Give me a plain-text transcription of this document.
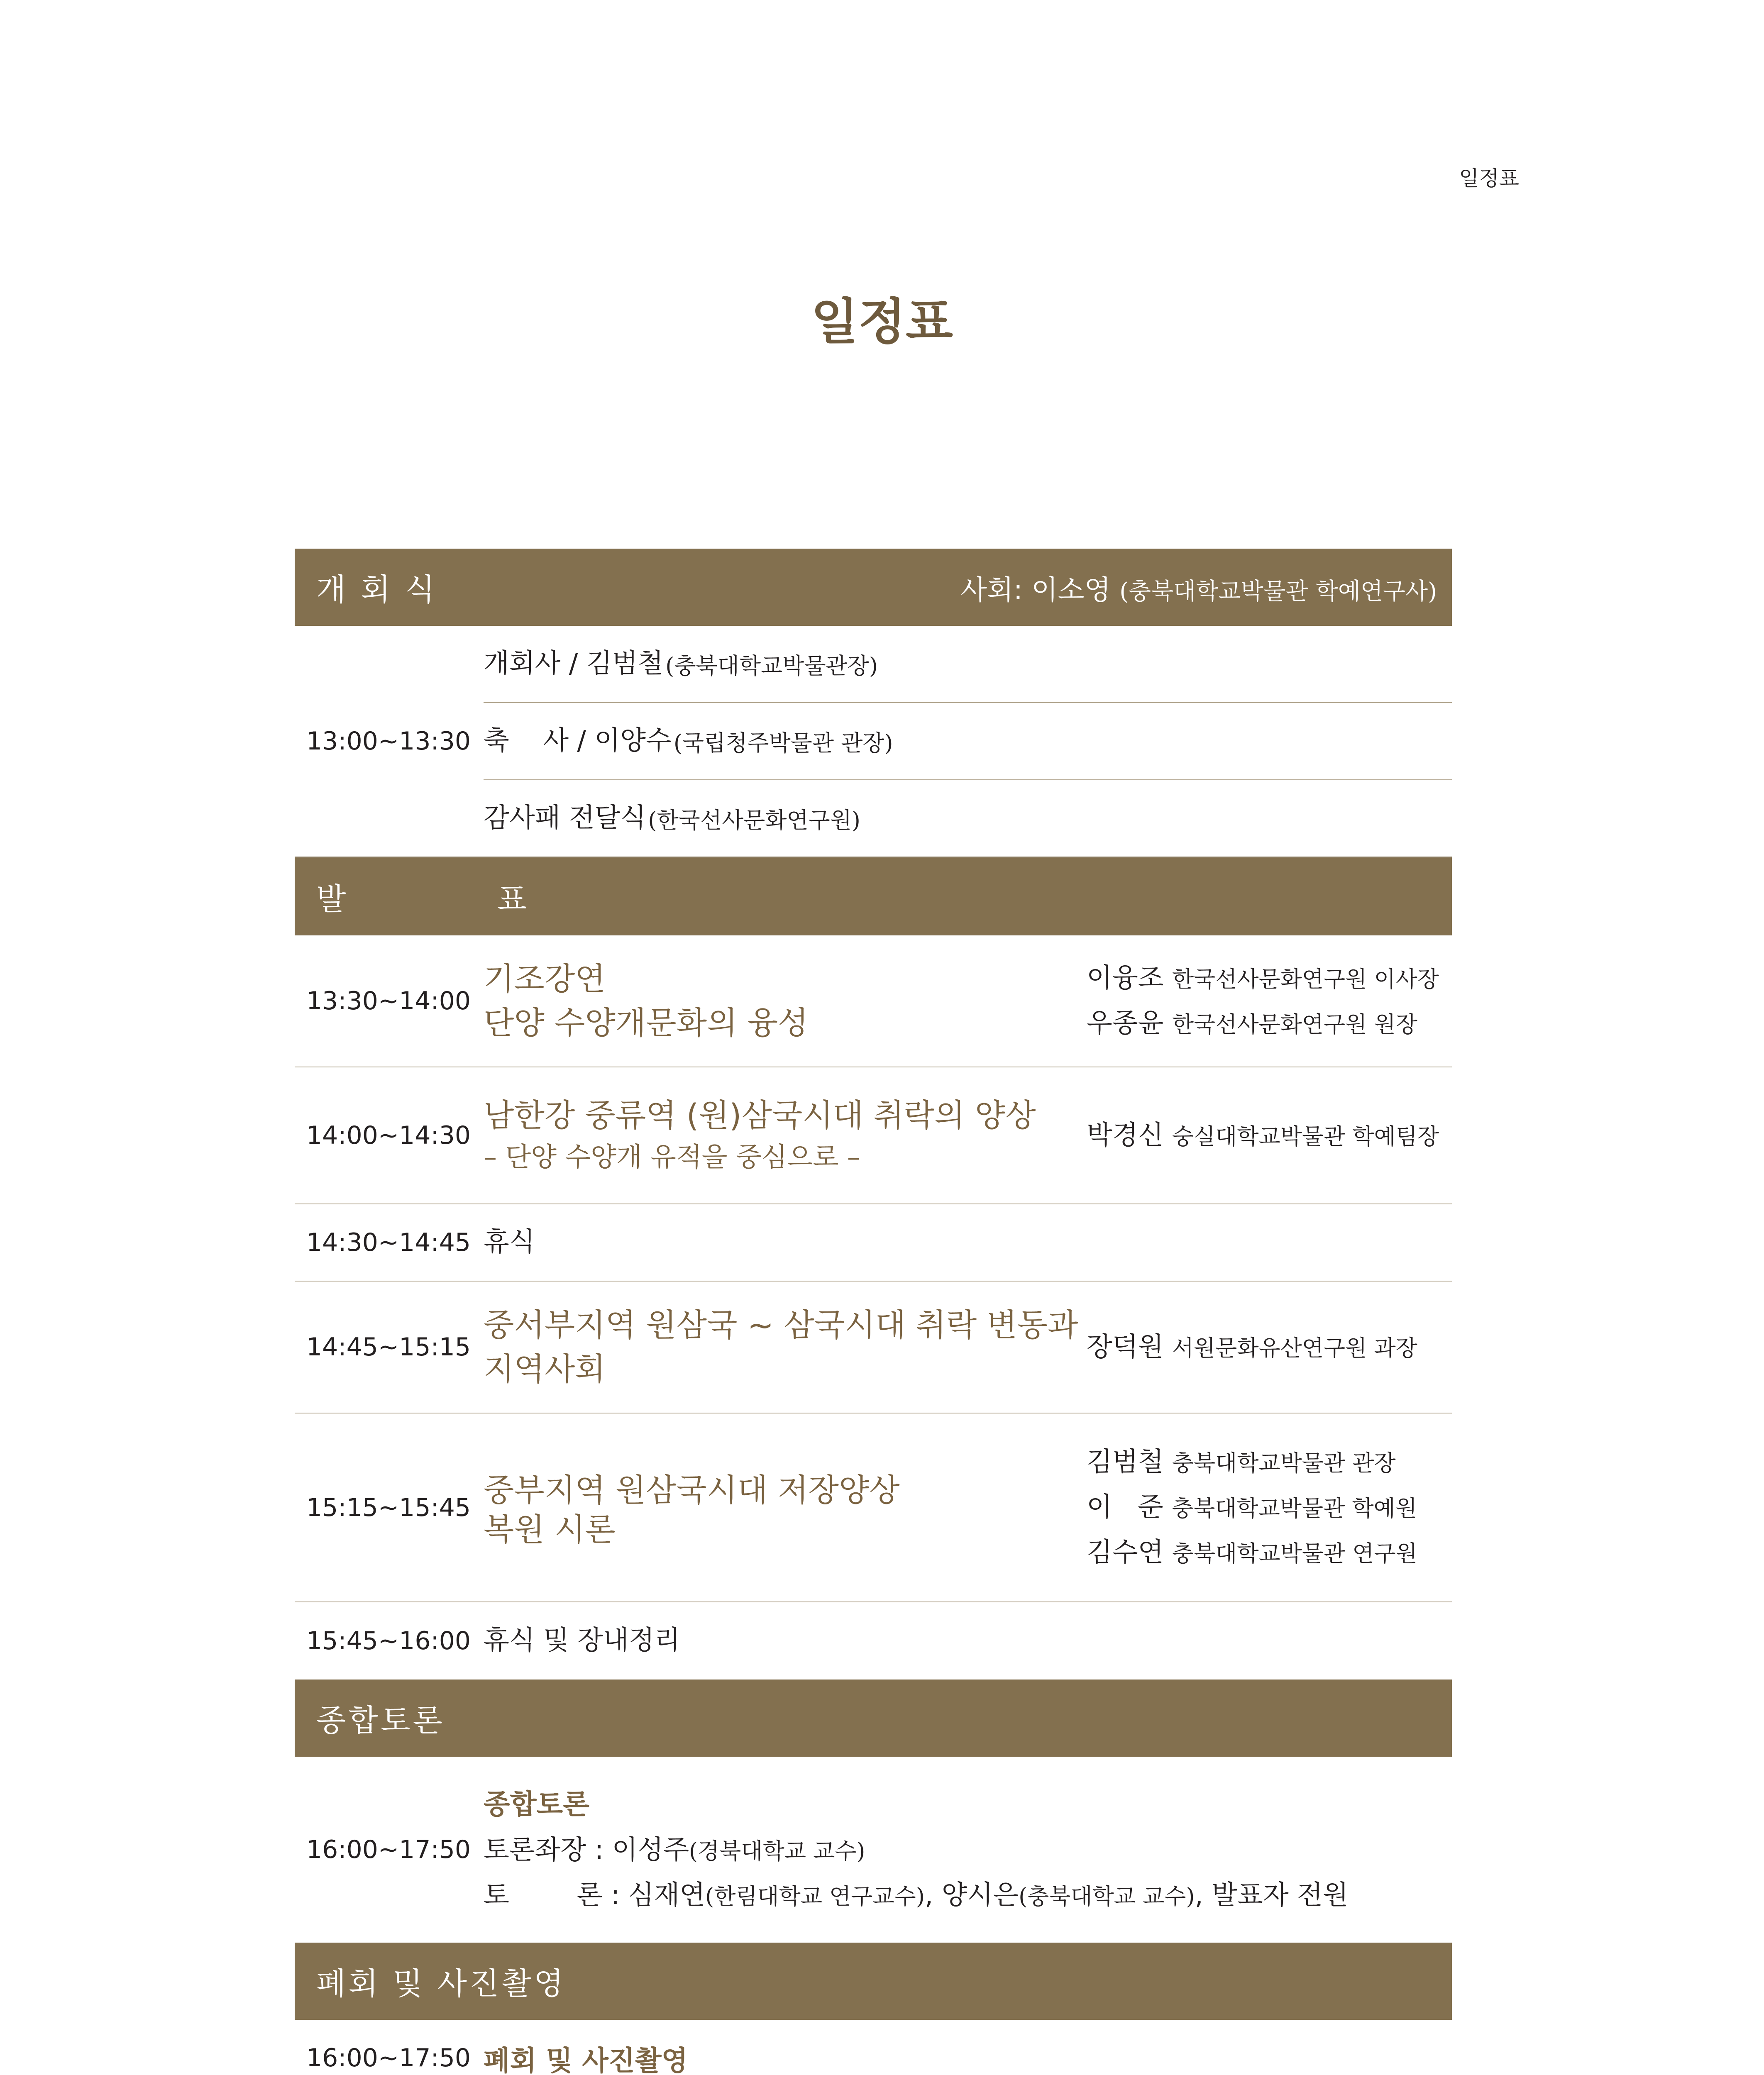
일정표
일정표
개 회 식	사회: 이소영 (충북대학교박물관 학예연구사)
13:00~13:30
개회사 / 김범철
(충북대학교박물관장)
축    사 / 이양수
(국립청주박물관 관장)
감사패 전달식
(한국선사문화연구원)
발    표
13:30~14:00
기조강연
단양 수양개문화의 융성
이융조 한국선사문화연구원 이사장
우종윤 한국선사문화연구원 원장
14:00~14:30
남한강 중류역 (원)삼국시대 취락의 양상
– 단양 수양개 유적을 중심으로 –
박경신 숭실대학교박물관 학예팀장
14:30~14:45 휴식
14:45~15:15
중서부지역 원삼국 ~ 삼국시대 취락 변동과
지역사회
장덕원 서원문화유산연구원 과장
15:15~15:45 중부지역 원삼국시대 저장양상
복원 시론
김범철 충북대학교박물관 관장
이   준 충북대학교박물관 학예원
김수연 충북대학교박물관 연구원
15:45~16:00 휴식 및 장내정리
종합토론
16:00~17:50
종합토론
토론좌장 : 이성주(경북대학교 교수)
토        론 : 심재연(한림대학교 연구교수), 양시은(충북대학교 교수), 발표자 전원
폐회 및 사진촬영
16:00~17:50 폐회 및 사진촬영
